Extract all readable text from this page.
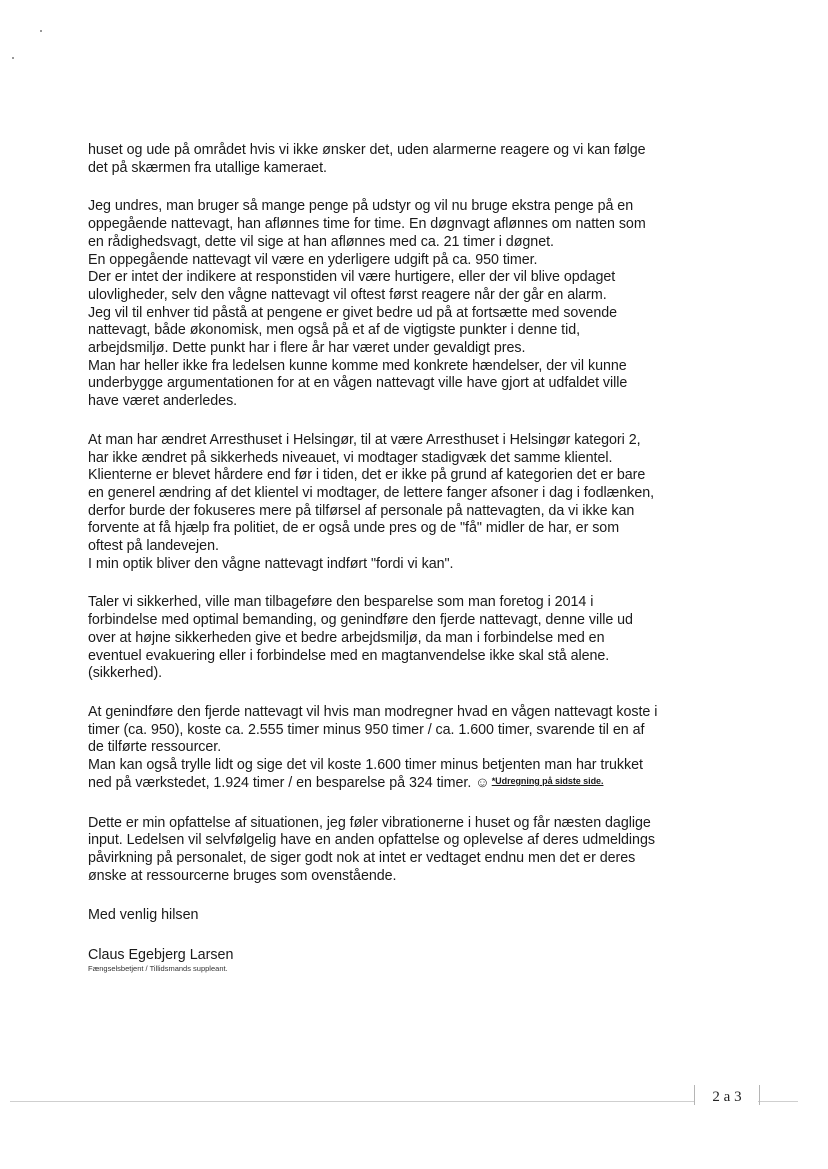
huset og ude på området hvis vi ikke ønsker det, uden alarmerne reagere og vi kan følge
det på skærmen fra utallige kameraet.
Jeg undres, man bruger så mange penge på udstyr og vil nu bruge ekstra penge på en
oppegående nattevagt, han aflønnes time for time. En døgnvagt aflønnes om natten som
en rådighedsvagt, dette vil sige at han aflønnes med ca. 21 timer i døgnet.
En oppegående nattevagt vil være en yderligere udgift på ca. 950 timer.
Der er intet der indikere at responstiden vil være hurtigere, eller der vil blive opdaget
ulovligheder, selv den vågne nattevagt vil oftest først reagere når der går en alarm.
Jeg vil til enhver tid påstå at pengene er givet bedre ud på at fortsætte med sovende
nattevagt, både økonomisk, men også på et af de vigtigste punkter i denne tid,
arbejdsmiljø. Dette punkt har i flere år har været under gevaldigt pres.
Man har heller ikke fra ledelsen kunne komme med konkrete hændelser, der vil kunne
underbygge argumentationen for at en vågen nattevagt ville have gjort at udfaldet ville
have været anderledes.
At man har ændret Arresthuset i Helsingør, til at være Arresthuset i Helsingør kategori 2,
har ikke ændret på sikkerheds niveauet, vi modtager stadigvæk det samme klientel.
Klienterne er blevet hårdere end før i tiden, det er ikke på grund af kategorien det er bare
en generel ændring af det klientel vi modtager, de lettere fanger afsoner i dag i fodlænken,
derfor burde der fokuseres mere på tilførsel af personale på nattevagten, da vi ikke kan
forvente at få hjælp fra politiet, de er også unde pres og de "få" midler de har, er som
oftest på landevejen.
I min optik bliver den vågne nattevagt indført "fordi vi kan".
Taler vi sikkerhed, ville man tilbageføre den besparelse som man foretog i 2014 i
forbindelse med optimal bemanding, og genindføre den fjerde nattevagt, denne ville ud
over at højne sikkerheden give et bedre arbejdsmiljø, da man i forbindelse med en
eventuel evakuering eller i forbindelse med en magtanvendelse ikke skal stå alene.
(sikkerhed).
At genindføre den fjerde nattevagt vil hvis man modregner hvad en vågen nattevagt koste i
timer (ca. 950), koste ca. 2.555 timer minus 950 timer / ca. 1.600 timer, svarende til en af
de tilførte ressourcer.
Man kan også trylle lidt og sige det vil koste 1.600 timer minus betjenten man har trukket
ned på værkstedet, 1.924 timer / en besparelse på 324 timer. ☺ $^{*Udregning på sidste side.}$
Dette er min opfattelse af situationen, jeg føler vibrationerne i huset og får næsten daglige
input. Ledelsen vil selvfølgelig have en anden opfattelse og oplevelse af deres udmeldings
påvirkning på personalet, de siger godt nok at intet er vedtaget endnu men det er deres
ønske at ressourcerne bruges som ovenstående.
Med venlig hilsen
Claus Egebjerg Larsen
Fængselsbetjent / Tillidsmands suppleant.
2 a 3
